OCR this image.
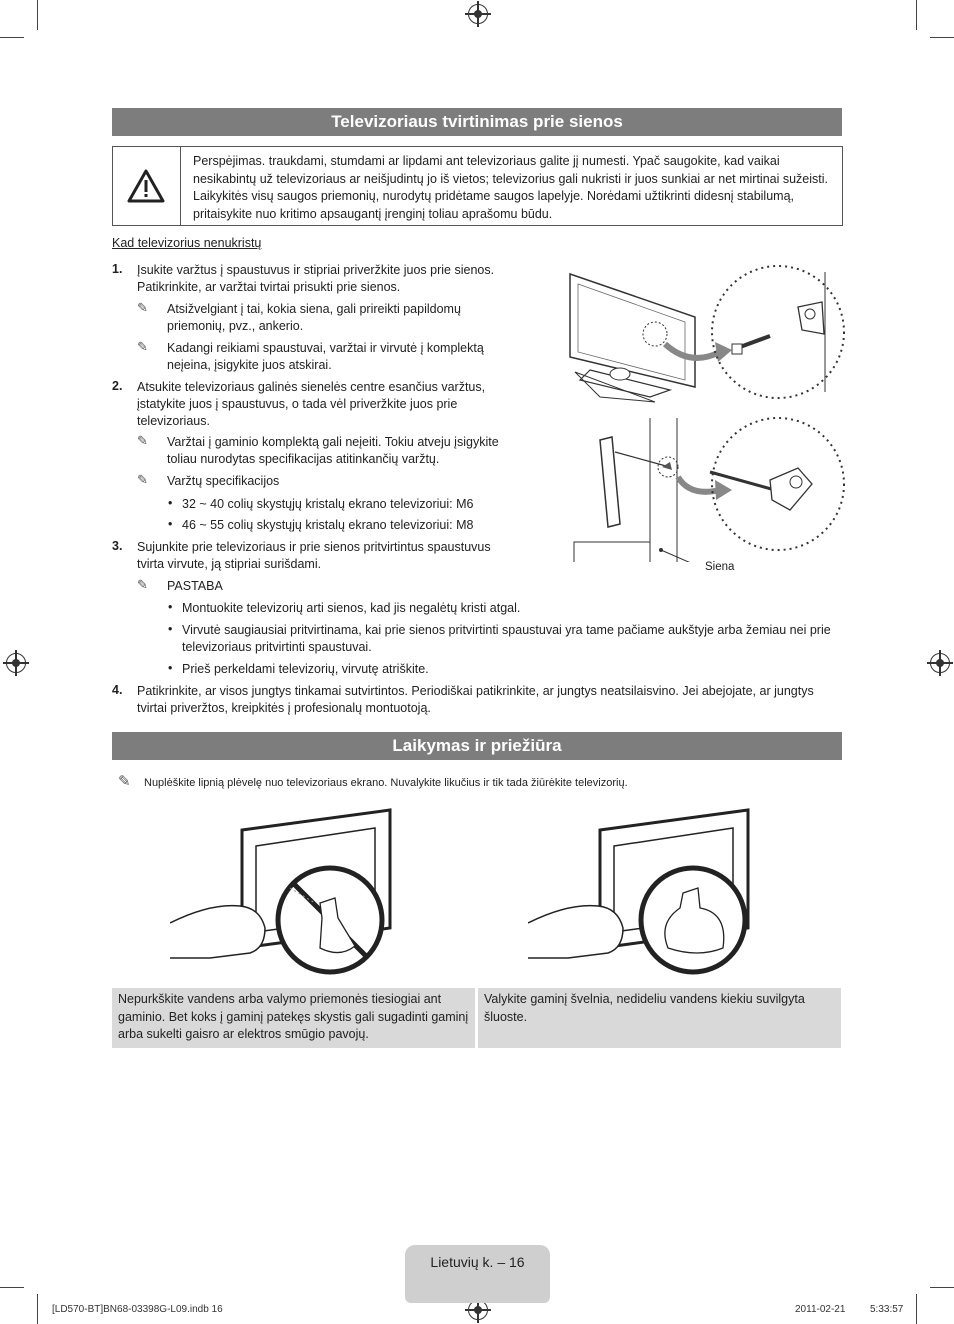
Televizoriaus tvirtinimas prie sienos
Perspėjimas. traukdami, stumdami ar lipdami ant televizoriaus galite jį numesti. Ypač saugokite, kad vaikai nesikabintų už televizoriaus ar neišjudintų jo iš vietos; televizorius gali nukristi ir juos sunkiai ar net mirtinai sužeisti. Laikykitės visų saugos priemonių, nurodytų pridėtame saugos lapelyje. Norėdami užtikrinti didesnį stabilumą, pritaisykite nuo kritimo apsaugantį įrenginį toliau aprašomu būdu.
Kad televizorius nenukristų
1. Įsukite varžtus į spaustuvus ir stipriai priveržkite juos prie sienos. Patikrinkite, ar varžtai tvirtai prisukti prie sienos.
✎ Atsižvelgiant į tai, kokia siena, gali prireikti papildomų priemonių, pvz., ankerio.
✎ Kadangi reikiami spaustuvai, varžtai ir virvutė į komplektą neįeina, įsigykite juos atskirai.
2. Atsukite televizoriaus galinės sienelės centre esančius varžtus, įstatykite juos į spaustuvus, o tada vėl priveržkite juos prie televizoriaus.
✎ Varžtai į gaminio komplektą gali neįeiti. Tokiu atveju įsigykite toliau nurodytas specifikacijas atitinkančių varžtų.
✎ Varžtų specifikacijos
• 32 ~ 40 colių skystųjų kristalų ekrano televizoriui: M6
• 46 ~ 55 colių skystųjų kristalų ekrano televizoriui: M8
3. Sujunkite prie televizoriaus ir prie sienos pritvirtintus spaustuvus tvirta virvute, ją stipriai surišdami.
✎ PASTABA
• Montuokite televizorių arti sienos, kad jis negalėtų kristi atgal.
• Virvutė saugiausiai pritvirtinama, kai prie sienos pritvirtinti spaustuvai yra tame pačiame aukštyje arba žemiau nei prie televizoriaus pritvirtinti spaustuvai.
• Prieš perkeldami televizorių, virvutę atriškite.
4. Patikrinkite, ar visos jungtys tinkamai sutvirtintos. Periodiškai patikrinkite, ar jungtys neatsilaisvino. Jei abejojate, ar jungtys tvirtai priveržtos, kreipkitės į profesionalų montuotoją.
Siena
Laikymas ir priežiūra
✎ Nuplėškite lipnią plėvelę nuo televizoriaus ekrano. Nuvalykite likučius ir tik tada žiūrėkite televizorių.
Nepurkškite vandens arba valymo priemonės tiesiogiai ant gaminio. Bet koks į gaminį patekęs skystis gali sugadinti gaminį arba sukelti gaisro ar elektros smūgio pavojų.
Valykite gaminį švelnia, nedideliu vandens kiekiu suvilgyta šluoste.
Lietuvių k. – 16
[LD570-BT]BN68-03398G-L09.indb 16	2011-02-21 5:33:57
